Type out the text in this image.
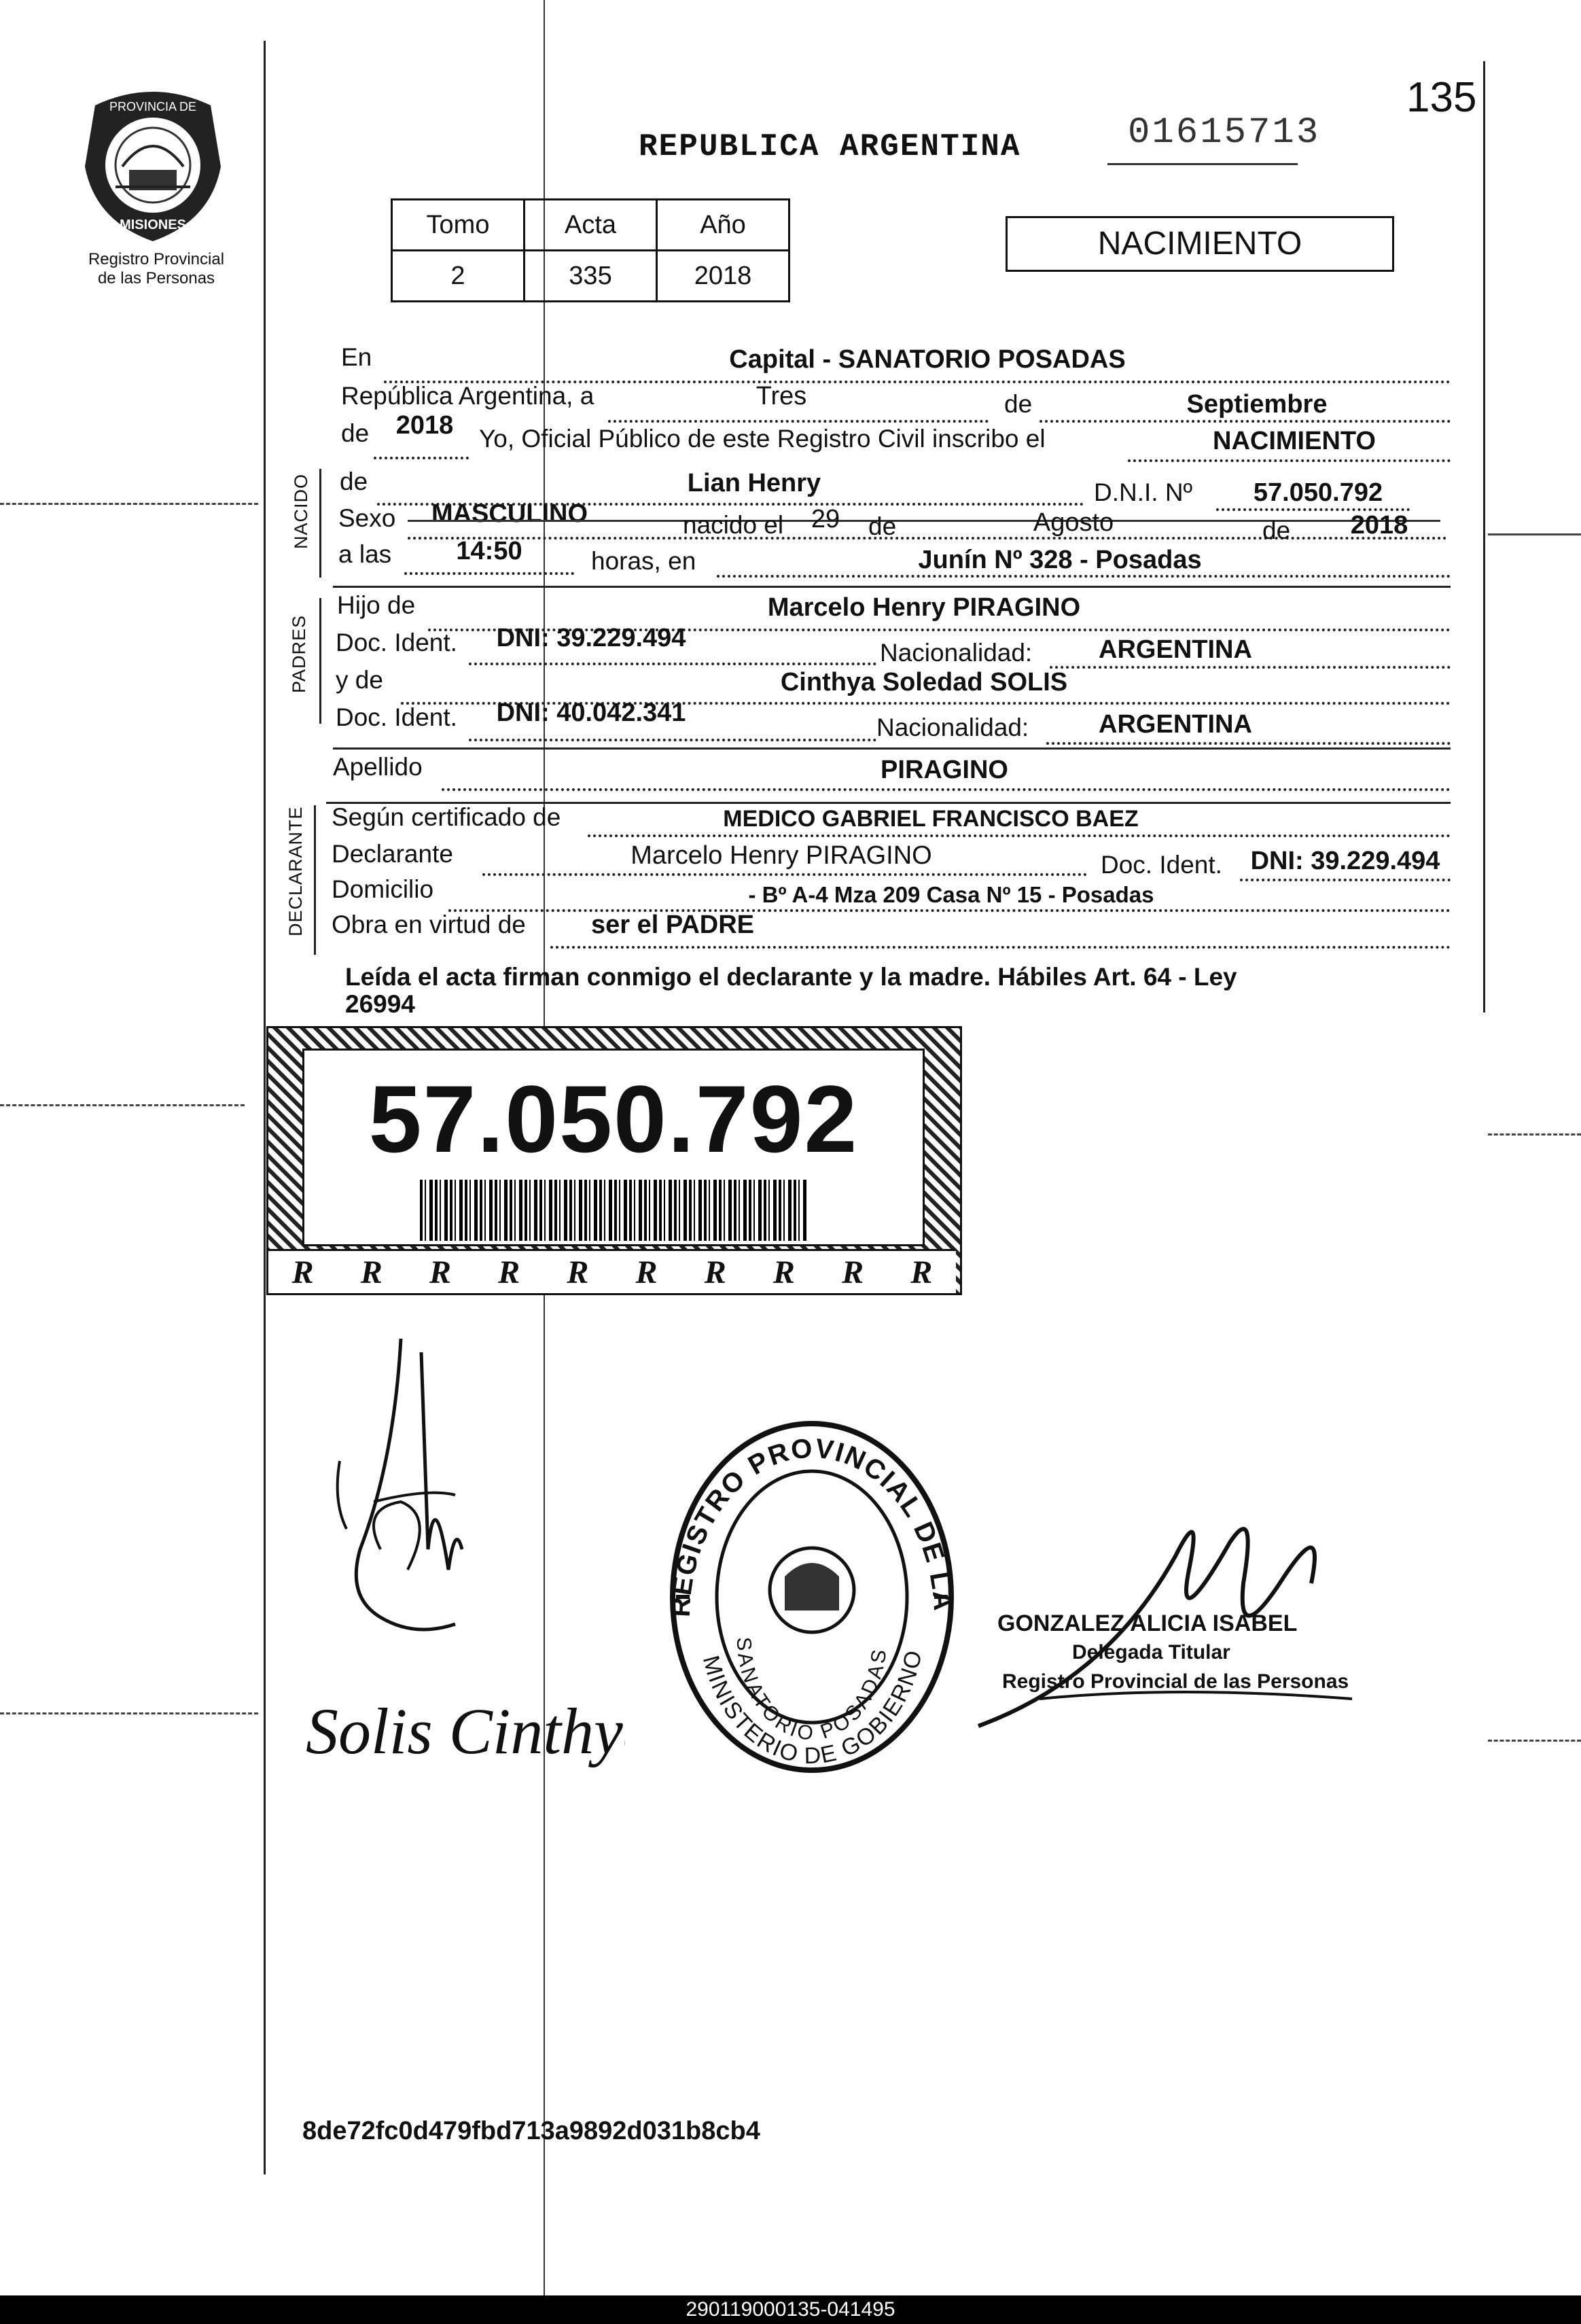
PROVINCIA DE
MISIONES
Registro Provincial
de las Personas
REPUBLICA ARGENTINA	01615713
135
Tomo	Acta	Año
2	335	2018
NACIMIENTO
En	Capital - SANATORIO POSADAS
República Argentina, a	Tres	de	Septiembre
de	2018	Yo, Oficial Público de este Registro Civil inscribo el	NACIMIENTO
NACIDO de	Lian Henry	D.N.I. Nº	57.050.792
Sexo	MASCULINO	nacido el	29	de	Agosto	de	2018
a las	14:50	horas, en	Junín Nº 328 - Posadas
PADRES
Hijo de	Marcelo Henry PIRAGINO
Doc. Ident.	DNI: 39.229.494
Nacionalidad:	ARGENTINA
y de	Cinthya Soledad SOLIS
Doc. Ident.	DNI: 40.042.341
Nacionalidad:	ARGENTINA
Apellido	PIRAGINO
DECLARANTE Según certificado de	MEDICO GABRIEL FRANCISCO BAEZ
Declarante	Marcelo Henry PIRAGINO	Doc. Ident.	DNI: 39.229.494
Domicilio	- Bº A-4 Mza 209 Casa Nº 15 - Posadas
Obra en virtud de	ser el PADRE
Leída el acta firman conmigo el declarante y la madre. Hábiles Art. 64 - Ley
26994
57.050.792
R R R R R R R R R R
Solis Cinthya
REGISTRO PROVINCIAL DE LA
SANATORIO POSADAS
MINISTERIO DE GOBIERNO
GONZALEZ ALICIA ISABEL
Delegada Titular
Registro Provincial de las Personas
8de72fc0d479fbd713a9892d031b8cb4
290119000135-041495
